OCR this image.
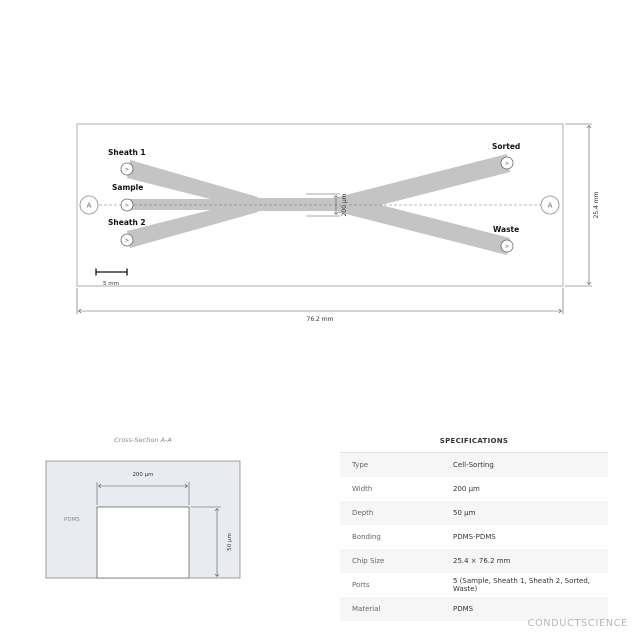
A	A
>
>
>
>
>
Sheath 1
Sample
Sheath 2
Sorted
Waste
200 µm	25.4 mm
76.2 mm
5 mm
Cross-Section A-A
PDMS
200 µm
50 µm
SPECIFICATIONS
Type	Cell-Sorting
Width	200 µm
Depth	50 µm
Bonding	PDMS-PDMS
Chip Size	25.4 × 76.2 mm
Ports	5 (Sample, Sheath 1, Sheath 2, Sorted, Waste)
Material	PDMS
CONDUCTSCIENCE
